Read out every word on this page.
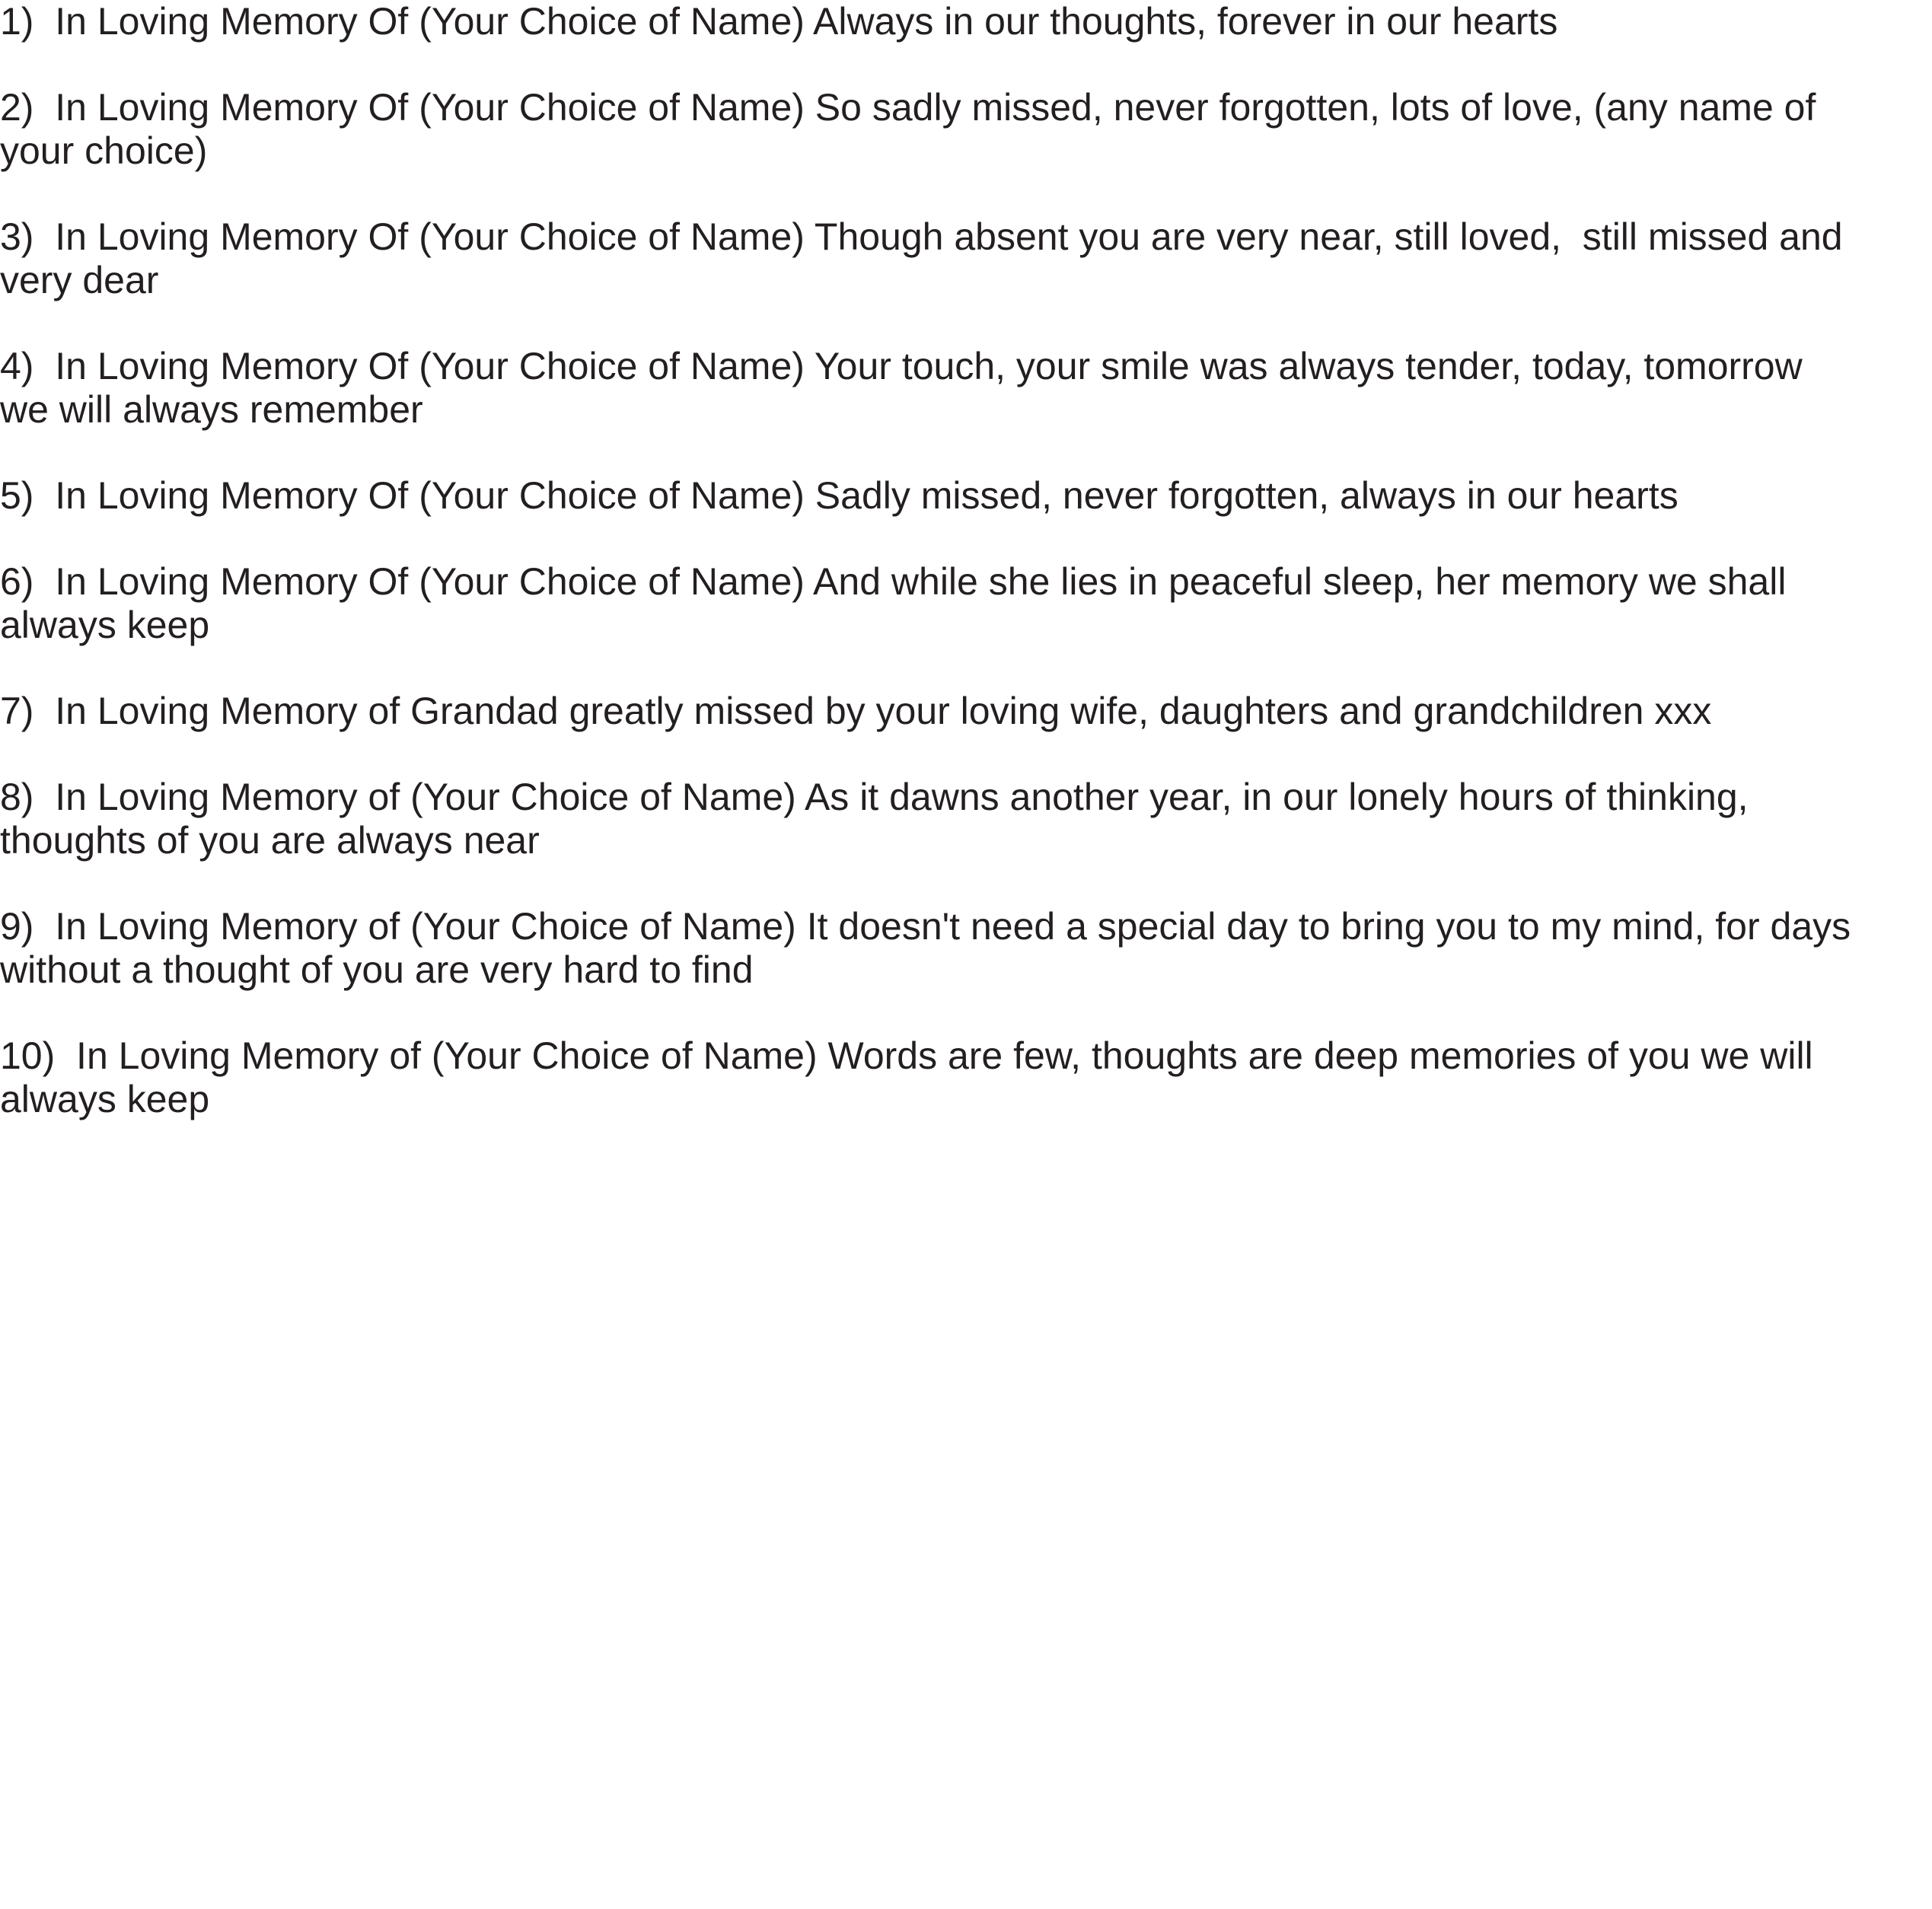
1)  In Loving Memory Of (Your Choice of Name) Always in our thoughts, forever in our hearts
2)  In Loving Memory Of (Your Choice of Name) So sadly missed, never forgotten, lots of love, (any name of your choice)
3)  In Loving Memory Of (Your Choice of Name) Though absent you are very near, still loved,  still missed and very dear
4)  In Loving Memory Of (Your Choice of Name) Your touch, your smile was always tender, today, tomorrow we will always remember
5)  In Loving Memory Of (Your Choice of Name) Sadly missed, never forgotten, always in our hearts
6)  In Loving Memory Of (Your Choice of Name) And while she lies in peaceful sleep, her memory we shall always keep
7)  In Loving Memory of Grandad greatly missed by your loving wife, daughters and grandchildren xxx
8)  In Loving Memory of (Your Choice of Name) As it dawns another year, in our lonely hours of thinking, thoughts of you are always near
9)  In Loving Memory of (Your Choice of Name) It doesn't need a special day to bring you to my mind, for days without a thought of you are very hard to find
10)  In Loving Memory of (Your Choice of Name) Words are few, thoughts are deep memories of you we will always keep
